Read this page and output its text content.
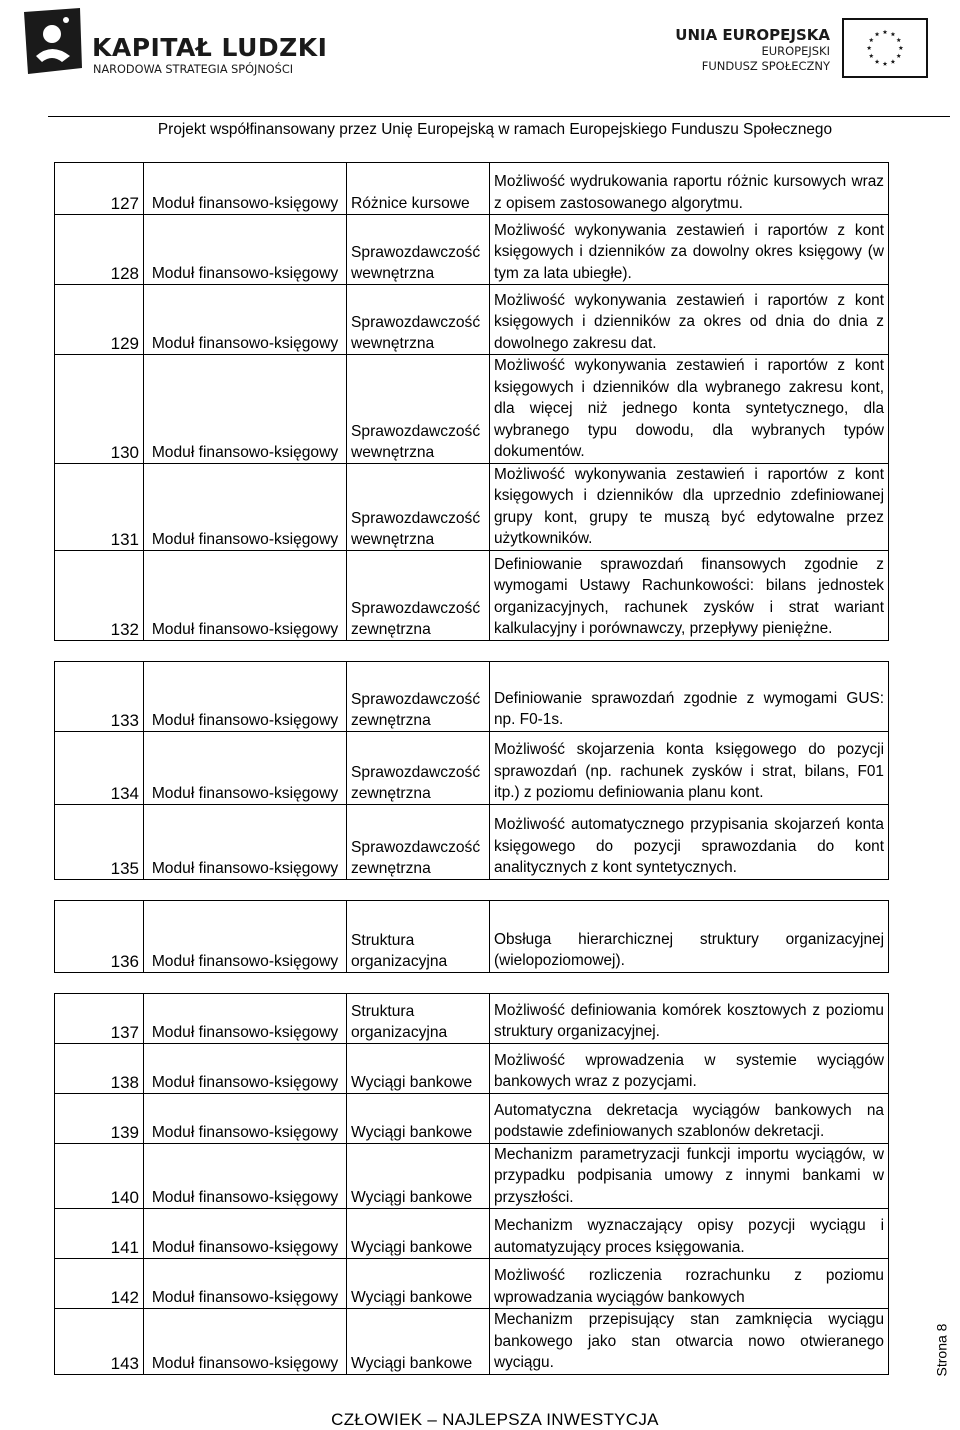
KAPITAŁ LUDZKI
NARODOWA STRATEGIA SPÓJNOŚCI
UNIA EUROPEJSKA
EUROPEJSKI
FUNDUSZ SPOŁECZNY
Projekt współfinansowany przez Unię Europejską w ramach Europejskiego Funduszu Społecznego
127	Moduł finansowo-księgowy	Różnice kursowe	Możliwość wydrukowania raportu różnic kursowych wraz z opisem zastosowanego algorytmu.
128	Moduł finansowo-księgowy	Sprawozdawczość wewnętrzna	Możliwość wykonywania zestawień i raportów z kont księgowych i dzienników za dowolny okres księgowy (w tym za lata ubiegłe).
129	Moduł finansowo-księgowy	Sprawozdawczość wewnętrzna	Możliwość wykonywania zestawień i raportów z kont księgowych i dzienników za okres od dnia do dnia z dowolnego zakresu dat.
130	Moduł finansowo-księgowy	Sprawozdawczość wewnętrzna	Możliwość wykonywania zestawień i raportów z kont księgowych i dzienników dla wybranego zakresu kont, dla więcej niż jednego konta syntetycznego, dla wybranego typu dowodu, dla wybranych typów dokumentów.
131	Moduł finansowo-księgowy	Sprawozdawczość wewnętrzna	Możliwość wykonywania zestawień i raportów z kont księgowych i dzienników dla uprzednio zdefiniowanej grupy kont, grupy te muszą być edytowalne przez użytkowników.
132	Moduł finansowo-księgowy	Sprawozdawczość zewnętrzna	Definiowanie sprawozdań finansowych zgodnie z wymogami Ustawy Rachunkowości: bilans jednostek organizacyjnych, rachunek zysków i strat wariant kalkulacyjny i porównawczy, przepływy pieniężne.

133	Moduł finansowo-księgowy	Sprawozdawczość zewnętrzna	Definiowanie sprawozdań zgodnie z wymogami GUS: np. F0-1s.
134	Moduł finansowo-księgowy	Sprawozdawczość zewnętrzna	Możliwość skojarzenia konta księgowego do pozycji sprawozdań (np. rachunek zysków i strat, bilans, F01 itp.) z poziomu definiowania planu kont.
135	Moduł finansowo-księgowy	Sprawozdawczość zewnętrzna	Możliwość automatycznego przypisania skojarzeń konta księgowego do pozycji sprawozdania do kont analitycznych z kont syntetycznych.

136	Moduł finansowo-księgowy	Struktura organizacyjna	Obsługa hierarchicznej struktury organizacyjnej (wielopoziomowej).

137	Moduł finansowo-księgowy	Struktura organizacyjna	Możliwość definiowania komórek kosztowych z poziomu struktury organizacyjnej.
138	Moduł finansowo-księgowy	Wyciągi bankowe	Możliwość wprowadzenia w systemie wyciągów bankowych wraz z pozycjami.
139	Moduł finansowo-księgowy	Wyciągi bankowe	Automatyczna dekretacja wyciągów bankowych na podstawie zdefiniowanych szablonów dekretacji.
140	Moduł finansowo-księgowy	Wyciągi bankowe	Mechanizm parametryzacji funkcji importu wyciągów, w przypadku podpisania umowy z innymi bankami w przyszłości.
141	Moduł finansowo-księgowy	Wyciągi bankowe	Mechanizm wyznaczający opisy pozycji wyciągu i automatyzujący proces księgowania.
142	Moduł finansowo-księgowy	Wyciągi bankowe	Możliwość rozliczenia rozrachunku z poziomu wprowadzania wyciągów bankowych
143	Moduł finansowo-księgowy	Wyciągi bankowe	Mechanizm przepisujący stan zamknięcia wyciągu bankowego jako stan otwarcia nowo otwieranego wyciągu.
CZŁOWIEK – NAJLEPSZA INWESTYCJA
Strona 8
